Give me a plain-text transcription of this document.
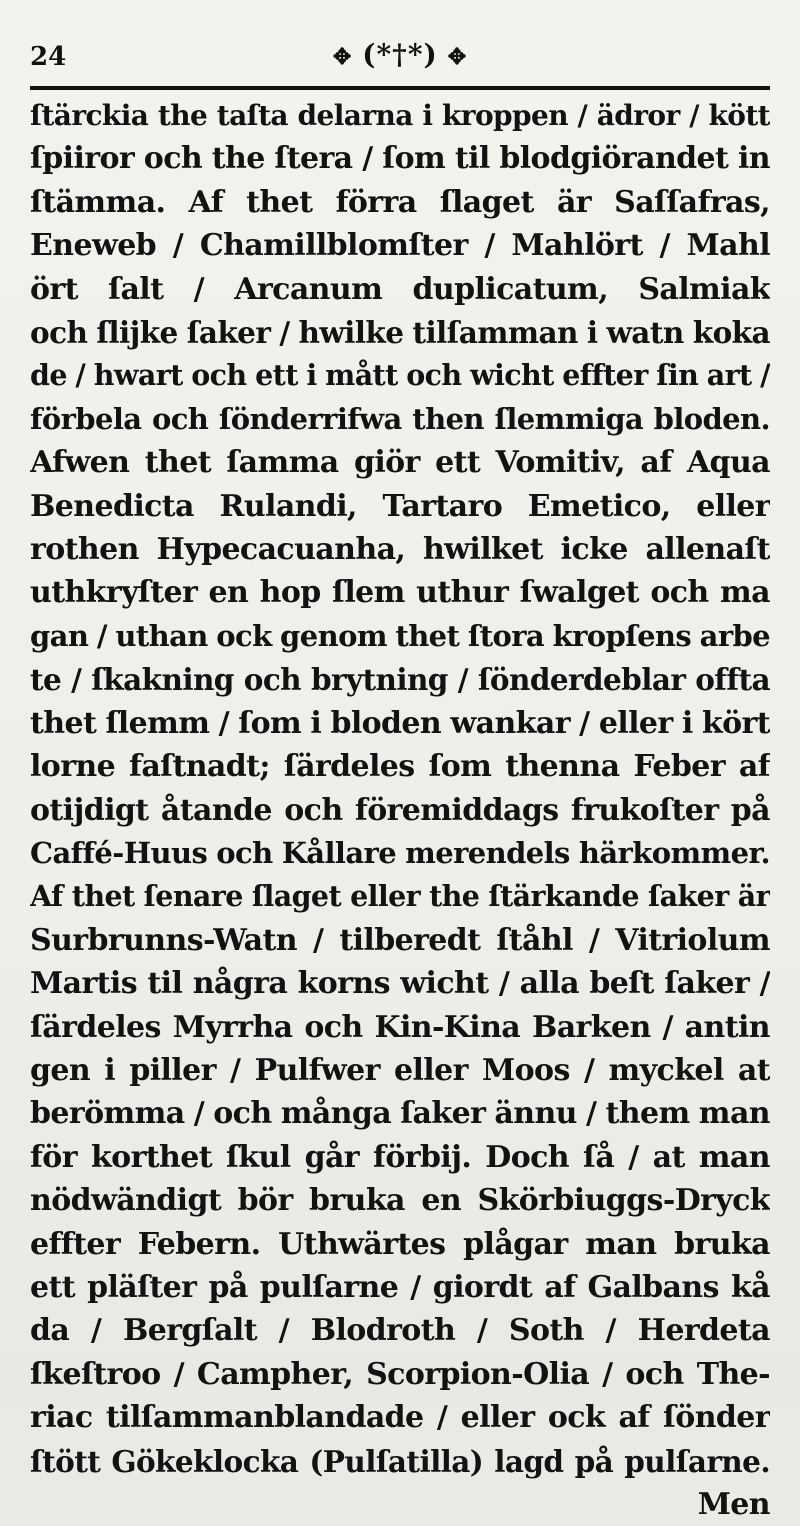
24	✥ (*†*) ✥
ſtärckia the taſta delarna i kroppen / ädror / kött
ſpiiror och the ſtera / ſom til blodgiörandet in
ſtämma. Af thet förra ſlaget är Saſſafras,
Eneweb / Chamillblomſter / Mahlört / Mahl
ört ſalt / Arcanum duplicatum, Salmiak
och ſlijke ſaker / hwilke tilſamman i watn koka
de / hwart och ett i mått och wicht effter ſin art /
förbela och ſönderrifwa then ſlemmiga bloden.
Afwen thet ſamma giör ett Vomitiv, af Aqua
Benedicta Rulandi, Tartaro Emetico, eller
rothen Hypecacuanha, hwilket icke allenaſt
uthkryſter en hop ſlem uthur ſwalget och ma
gan / uthan ock genom thet ſtora kropſens arbe
te / ſkakning och brytning / ſönderdeblar offta
thet ſlemm / ſom i bloden wankar / eller i kört
lorne faſtnadt; ſärdeles ſom thenna Feber af
otijdigt åtande och föremiddags frukoſter på
Caffé-Huus och Kållare merendels härkommer.
Af thet ſenare ſlaget eller the ſtärkande ſaker är
Surbrunns-Watn / tilberedt ſtåhl / Vitriolum
Martis til några korns wicht / alla beſt ſaker /
ſärdeles Myrrha och Kin-Kina Barken / antin
gen i piller / Pulfwer eller Moos / myckel at
berömma / och många ſaker ännu / them man
för korthet ſkul går förbij. Doch ſå / at man
nödwändigt bör bruka en Skörbiuggs-Dryck
effter Febern. Uthwärtes plågar man bruka
ett pläſter på pulſarne / giordt af Galbans kå
da / Bergſalt / Blodroth / Soth / Herdeta
ſkeſtroo / Campher, Scorpion-Olia / och The-
riac tilſammanblandade / eller ock af ſönder
ſtött Gökeklocka (Pulſatilla) lagd på pulſarne.
Men
